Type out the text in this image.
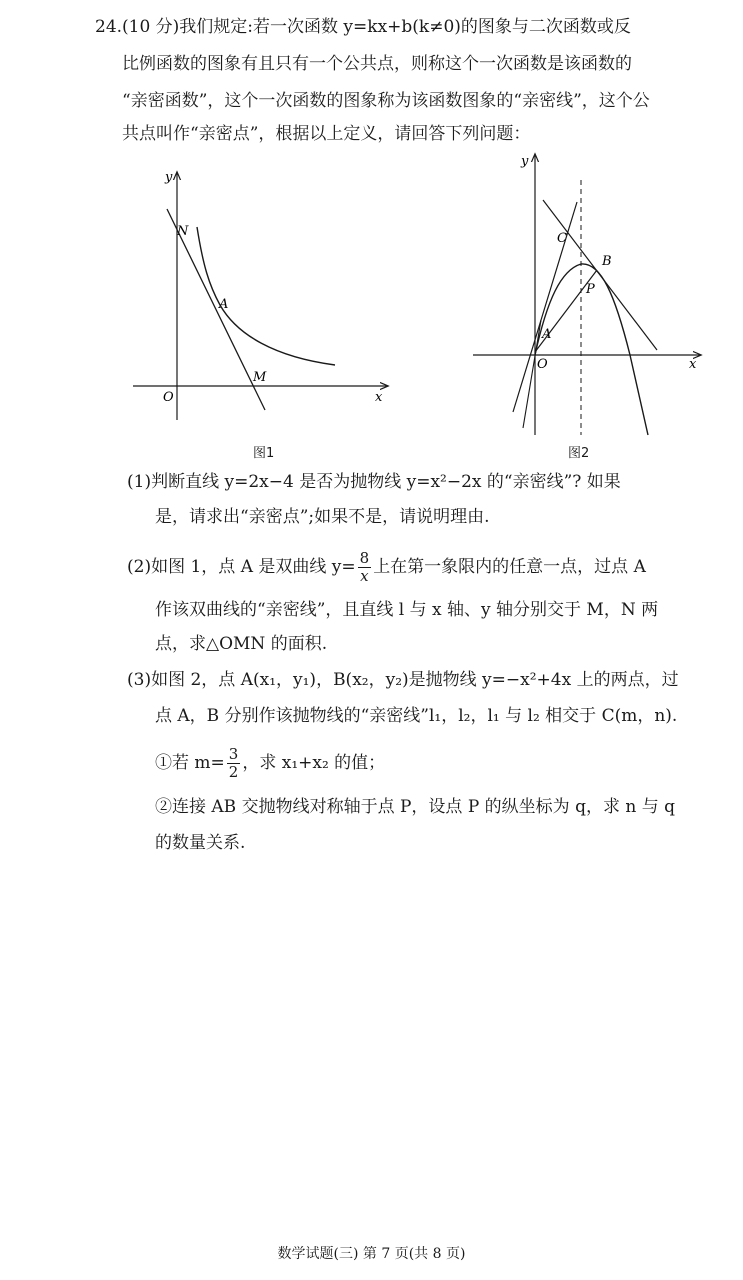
24. (10 分)我们规定:若一次函数 y=kx+b(k≠0)的图象与二次函数或反
比例函数的图象有且只有一个公共点，则称这个一次函数是该函数的
“亲密函数”，这个一次函数的图象称为该函数图象的“亲密线”，这个公
共点叫作“亲密点”，根据以上定义，请回答下列问题：
y
x
O
N
A
M
图1
y
x
O
A
B
C
P
图2
(1)判断直线 y=2x−4 是否为抛物线 y=x²−2x 的“亲密线”? 如果
是，请求出“亲密点”;如果不是，请说明理由.
(2)如图 1，点 A 是双曲线 $y= \frac{8}{x}$ 上在第一象限内的任意一点，过点 A
作该双曲线的“亲密线”，且直线 l 与 x 轴、y 轴分别交于 M，N 两
点，求△OMN 的面积.
(3)如图 2，点 A(x₁，y₁)，B(x₂，y₂)是抛物线 y=−x²+4x 上的两点，过
点 A，B 分别作该抛物线的“亲密线”l₁，l₂，l₁ 与 l₂ 相交于 C(m，n).
①若 $m= \frac{3}{2}$ ，求 x₁+x₂ 的值；
②连接 AB 交抛物线对称轴于点 P，设点 P 的纵坐标为 q，求 n 与 q
的数量关系.
数学试题(三) 第 7 页(共 8 页)
